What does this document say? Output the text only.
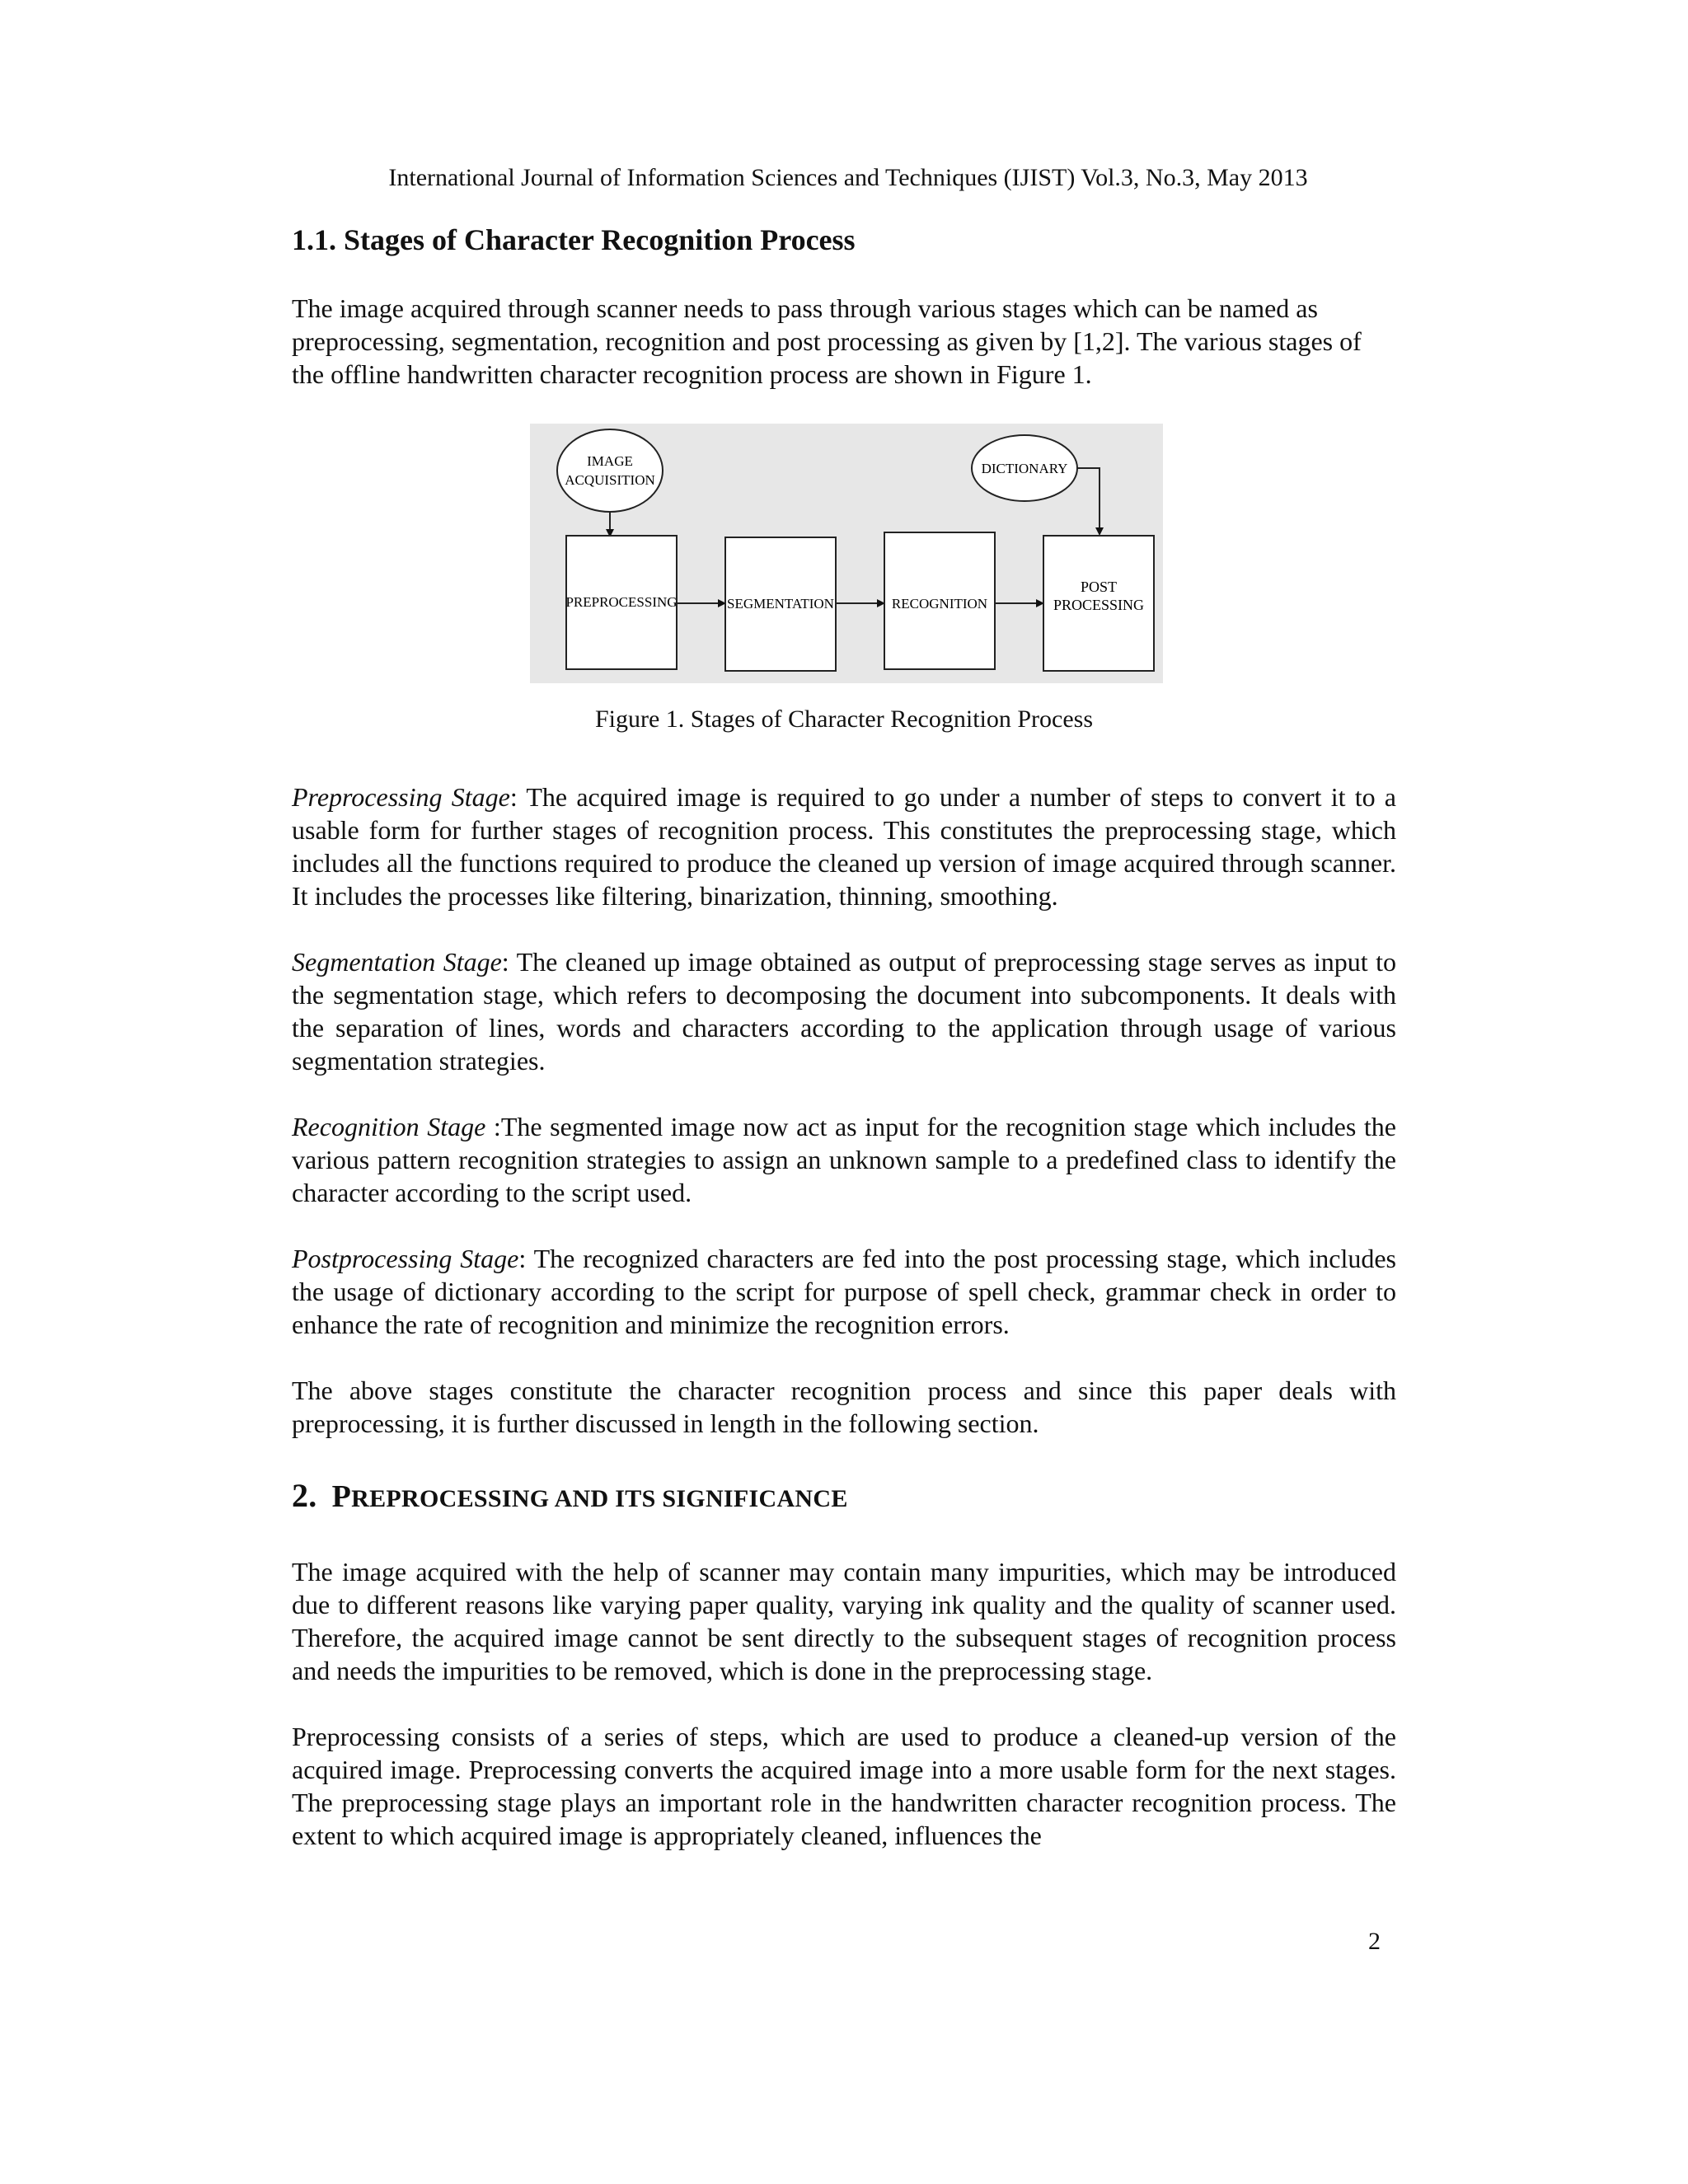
International Journal of Information Sciences and Techniques (IJIST) Vol.3, No.3, May 2013
1.1. Stages of Character Recognition Process

The image acquired through scanner needs to pass through various stages which can be named as preprocessing, segmentation, recognition and post processing as given by [1,2]. The various stages of the offline handwritten character recognition process are shown in Figure 1.

IMAGE
ACQUISITION
DICTIONARY
PREPROCESSING	SEGMENTATION	RECOGNITION
POST
PROCESSING
Figure 1. Stages of Character Recognition Process

Preprocessing Stage: The acquired image is required to go under a number of steps to convert it to a usable form for further stages of recognition process. This constitutes the preprocessing stage, which includes all the functions required to produce the cleaned up version of image acquired through scanner. It includes the processes like filtering, binarization, thinning, smoothing.

Segmentation Stage: The cleaned up image obtained as output of preprocessing stage serves as input to the segmentation stage, which refers to decomposing the document into subcomponents. It deals with the separation of lines, words and characters according to the application through usage of various segmentation strategies.

Recognition Stage :The segmented image now act as input for the recognition stage which includes the various pattern recognition strategies to assign an unknown sample to a predefined class to identify the character according to the script used.

Postprocessing Stage: The recognized characters are fed into the post processing stage, which includes the usage of dictionary according to the script for purpose of spell check, grammar check in order to enhance the rate of recognition and minimize the recognition errors.

The above stages constitute the character recognition process and since this paper deals with preprocessing, it is further discussed in length in the following section.

2. PREPROCESSING AND ITS SIGNIFICANCE

The image acquired with the help of scanner may contain many impurities, which may be introduced due to different reasons like varying paper quality, varying ink quality and the quality of scanner used. Therefore, the acquired image cannot be sent directly to the subsequent stages of recognition process and needs the impurities to be removed, which is done in the preprocessing stage.

Preprocessing consists of a series of steps, which are used to produce a cleaned-up version of the acquired image. Preprocessing converts the acquired image into a more usable form for the next stages. The preprocessing stage plays an important role in the handwritten character recognition process. The extent to which acquired image is appropriately cleaned, influences the

2
